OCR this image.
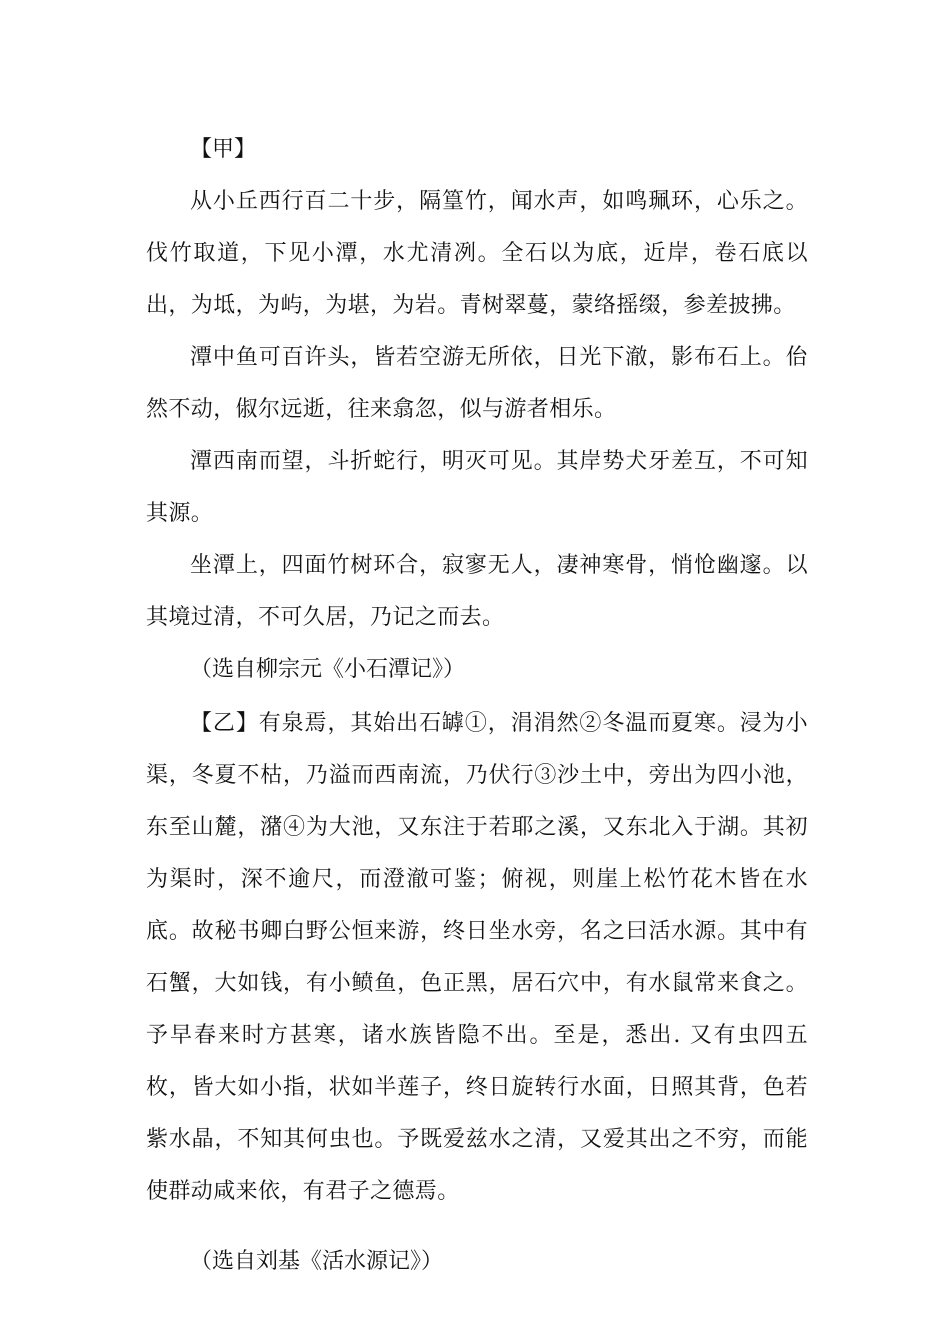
【甲】

从小丘西行百二十步，隔篁竹，闻水声，如鸣珮环，心乐之。伐竹取道，下见小潭，水尤清冽。全石以为底，近岸，卷石底以出，为坻，为屿，为堪，为岩。青树翠蔓，蒙络摇缀，参差披拂。

潭中鱼可百许头，皆若空游无所依，日光下澈，影布石上。佁然不动，俶尔远逝，往来翕忽，似与游者相乐。

潭西南而望，斗折蛇行，明灭可见。其岸势犬牙差互，不可知其源。

坐潭上，四面竹树环合，寂寥无人，凄神寒骨，悄怆幽邃。以其境过清，不可久居，乃记之而去。

（选自柳宗元《小石潭记》）

【乙】有泉焉，其始出石罅①，涓涓然②冬温而夏寒。浸为小渠，冬夏不枯，乃溢而西南流，乃伏行③沙土中，旁出为四小池，东至山麓，潴④为大池，又东注于若耶之溪，又东北入于湖。其初为渠时，深不逾尺，而澄澈可鉴；俯视，则崖上松竹花木皆在水底。故秘书卿白野公恒来游，终日坐水旁，名之曰活水源。其中有石蟹，大如钱，有小鲼鱼，色正黑，居石穴中，有水鼠常来食之。予早春来时方甚寒，诸水族皆隐不出。至是，悉出. 又有虫四五枚，皆大如小指，状如半莲子，终日旋转行水面，日照其背，色若紫水晶，不知其何虫也。予既爱兹水之清，又爱其出之不穷，而能使群动咸来依，有君子之德焉。

（选自刘基《活水源记》）
